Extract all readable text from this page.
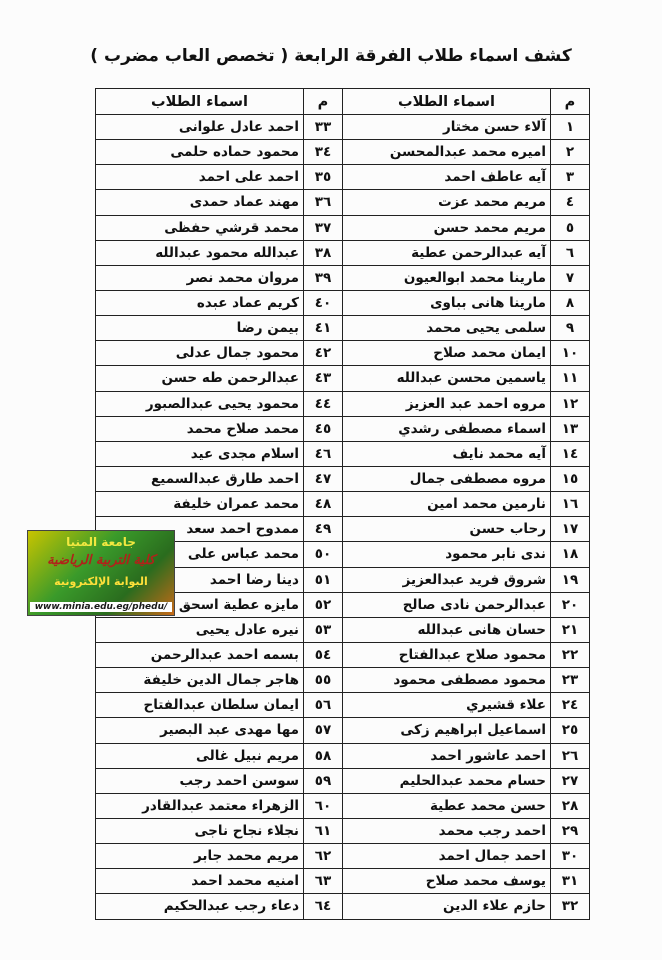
كشف اسماء طلاب الفرقة الرابعة ( تخصص العاب مضرب )
م	اسماء الطلاب	م	اسماء الطلاب
١	آلاء حسن مختار	٣٣	احمد عادل علوانى
٢	اميره محمد عبدالمحسن	٣٤	محمود حماده حلمى
٣	آيه عاطف احمد	٣٥	احمد على احمد
٤	مريم محمد عزت	٣٦	مهند عماد حمدى
٥	مريم محمد حسن	٣٧	محمد قرشي حفظى
٦	آيه عبدالرحمن عطية	٣٨	عبدالله محمود عبدالله
٧	مارينا محمد ابوالعيون	٣٩	مروان محمد نصر
٨	مارينا هانى بباوى	٤٠	كريم عماد عبده
٩	سلمى يحيى محمد	٤١	بيمن رضا
١٠	ايمان محمد صلاح	٤٢	محمود جمال عدلى
١١	ياسمين محسن عبدالله	٤٣	عبدالرحمن طه حسن
١٢	مروه احمد عبد العزيز	٤٤	محمود يحيى عبدالصبور
١٣	اسماء مصطفى رشدي	٤٥	محمد صلاح محمد
١٤	آيه محمد نايف	٤٦	اسلام مجدى عيد
١٥	مروه مصطفى جمال	٤٧	احمد طارق عبدالسميع
١٦	نارمين محمد امين	٤٨	محمد عمران خليفة
١٧	رحاب حسن	٤٩	ممدوح احمد سعد
١٨	ندى نابر محمود	٥٠	محمد عباس على
١٩	شروق فريد عبدالعزيز	٥١	دينا رضا احمد
٢٠	عبدالرحمن نادى صالح	٥٢	مايزه عطية اسحق
٢١	حسان هانى عبدالله	٥٣	نيره عادل يحيى
٢٢	محمود صلاح عبدالفتاح	٥٤	بسمه احمد عبدالرحمن
٢٣	محمود مصطفى محمود	٥٥	هاجر جمال الدين خليفة
٢٤	علاء قشيري	٥٦	ايمان سلطان عبدالفتاح
٢٥	اسماعيل ابراهيم زكى	٥٧	مها مهدى عبد البصير
٢٦	احمد عاشور احمد	٥٨	مريم نبيل غالى
٢٧	حسام محمد عبدالحليم	٥٩	سوسن احمد رجب
٢٨	حسن محمد عطية	٦٠	الزهراء معتمد عبدالقادر
٢٩	احمد رجب محمد	٦١	نجلاء نجاح ناجى
٣٠	احمد جمال احمد	٦٢	مريم محمد جابر
٣١	يوسف محمد صلاح	٦٣	امنيه محمد احمد
٣٢	حازم علاء الدين	٦٤	دعاء رجب عبدالحكيم
جامعة المنيا
كلية التربية الرياضية
البوابة الإلكترونية
www.minia.edu.eg/phedu/
